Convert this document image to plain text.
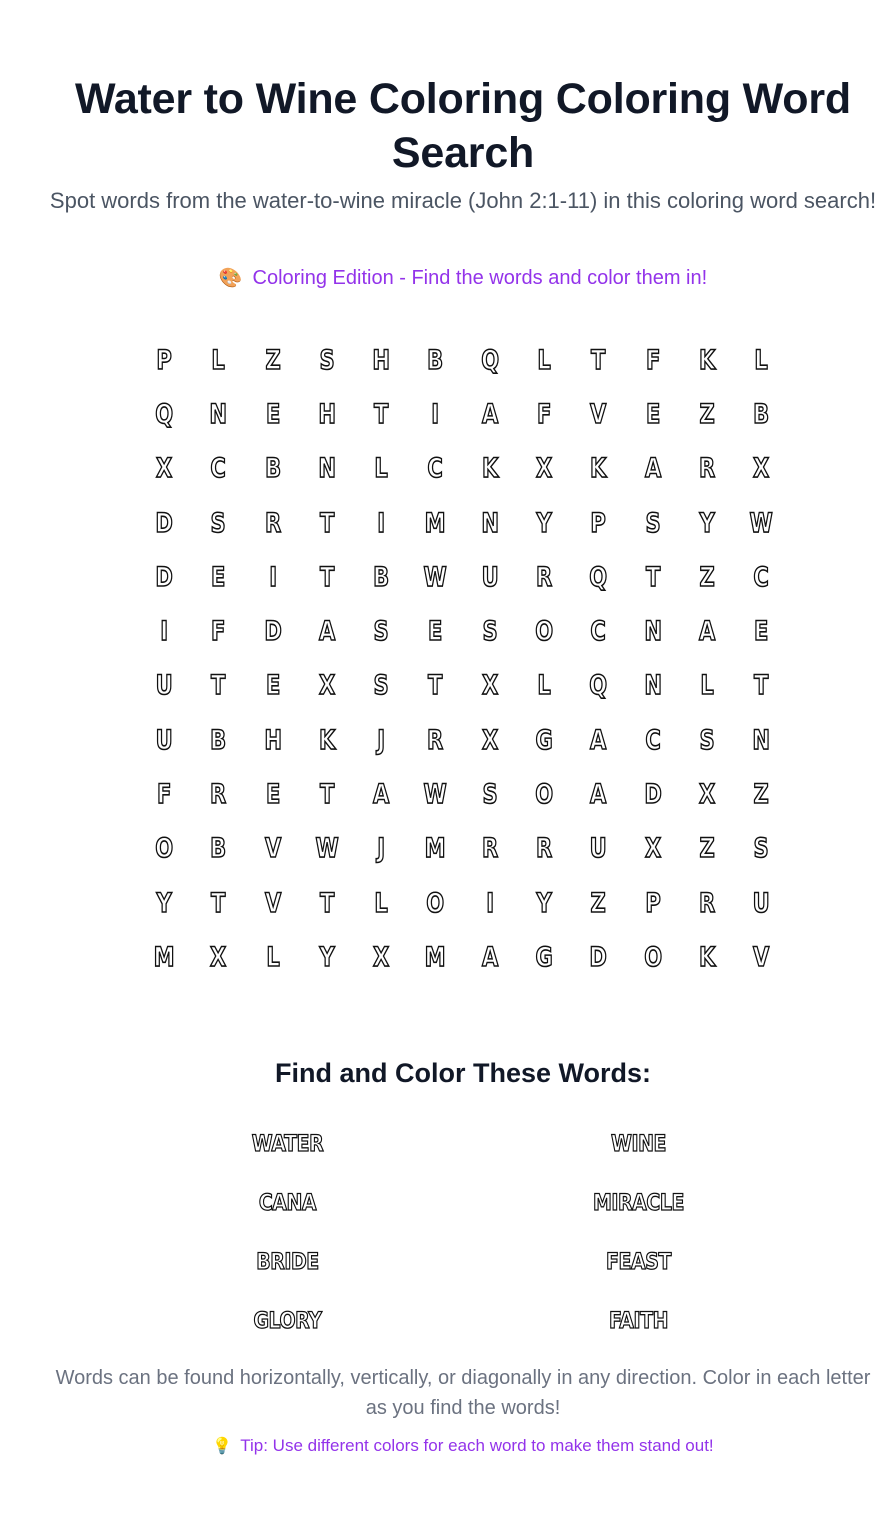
Water to Wine Coloring Coloring Word Search
Spot words from the water-to-wine miracle (John 2:1-11) in this coloring word search!
🎨 Coloring Edition - Find the words and color them in!
P	L	Z	S	H	B	Q	L	T	F	K	L
Q	N	E	H	T	I	A	F	V	E	Z	B
X	C	B	N	L	C	K	X	K	A	R	X
D	S	R	T	I	M	N	Y	P	S	Y	W
D	E	I	T	B	W	U	R	Q	T	Z	C
I	F	D	A	S	E	S	O	C	N	A	E
U	T	E	X	S	T	X	L	Q	N	L	T
U	B	H	K	J	R	X	G	A	C	S	N
F	R	E	T	A	W	S	O	A	D	X	Z
O	B	V	W	J	M	R	R	U	X	Z	S
Y	T	V	T	L	O	I	Y	Z	P	R	U
M	X	L	Y	X	M	A	G	D	O	K	V
Find and Color These Words:
WATER	WINE
CANA	MIRACLE
BRIDE	FEAST
GLORY	FAITH
Words can be found horizontally, vertically, or diagonally in any direction. Color in each letter as you find the words!
💡 Tip: Use different colors for each word to make them stand out!
